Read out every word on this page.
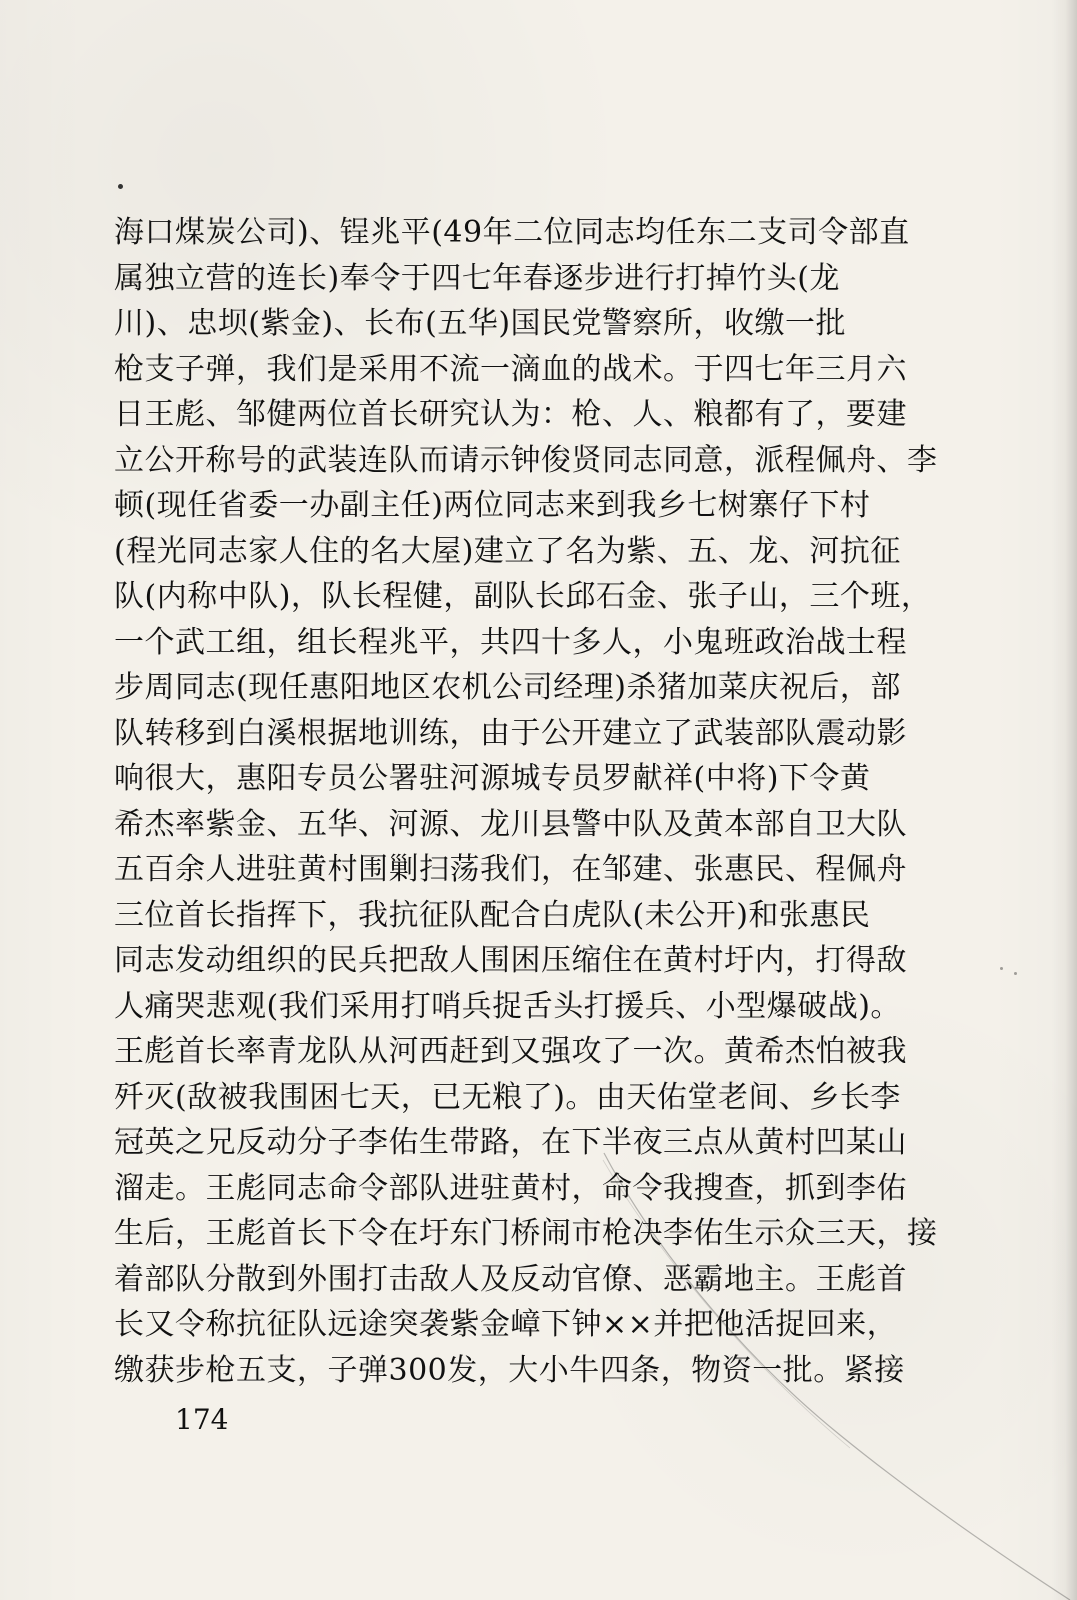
海口煤炭公司)、锃兆平(49年二位同志均任东二支司令部直
属独立营的连长)奉令于四七年春逐步进行打掉竹头(龙
川)、忠坝(紫金)、长布(五华)国民党警察所，收缴一批
枪支子弹，我们是采用不流一滴血的战术。于四七年三月六
日王彪、邹健两位首长研究认为：枪、人、粮都有了，要建
立公开称号的武装连队而请示钟俊贤同志同意，派程佩舟、李
顿(现任省委一办副主任)两位同志来到我乡七树寨仔下村
(程光同志家人住的名大屋)建立了名为紫、五、龙、河抗征
队(内称中队)，队长程健，副队长邱石金、张子山，三个班，
一个武工组，组长程兆平，共四十多人，小鬼班政治战士程
步周同志(现任惠阳地区农机公司经理)杀猪加菜庆祝后，部
队转移到白溪根据地训练，由于公开建立了武装部队震动影
响很大，惠阳专员公署驻河源城专员罗献祥(中将)下令黄
希杰率紫金、五华、河源、龙川县警中队及黄本部自卫大队
五百余人进驻黄村围剿扫荡我们，在邹建、张惠民、程佩舟
三位首长指挥下，我抗征队配合白虎队(未公开)和张惠民
同志发动组织的民兵把敌人围困压缩住在黄村圩内，打得敌
人痛哭悲观(我们采用打哨兵捉舌头打援兵、小型爆破战)。
王彪首长率青龙队从河西赶到又强攻了一次。黄希杰怕被我
歼灭(敌被我围困七天，已无粮了)。由天佑堂老间、乡长李
冠英之兄反动分子李佑生带路，在下半夜三点从黄村凹某山
溜走。王彪同志命令部队进驻黄村，命令我搜查，抓到李佑
生后，王彪首长下令在圩东门桥闹市枪决李佑生示众三天，接
着部队分散到外围打击敌人及反动官僚、恶霸地主。王彪首
长又令称抗征队远途突袭紫金嶂下钟××并把他活捉回来，
缴获步枪五支，子弹300发，大小牛四条，物资一批。紧接
174
